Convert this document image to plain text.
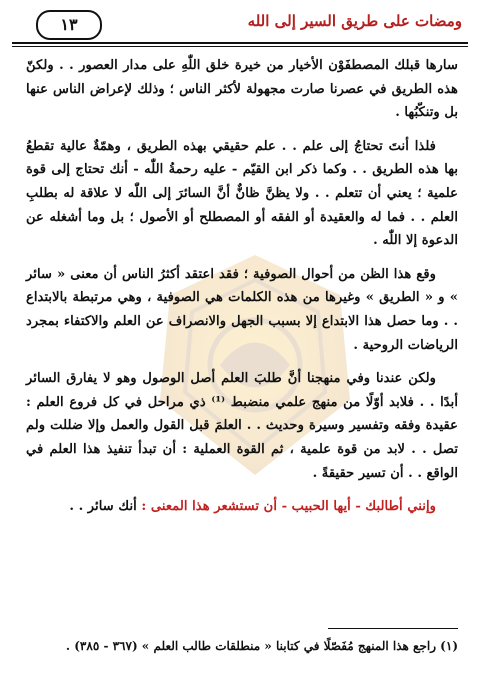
ومضات على طريق السير إلى الله
١٣

سارها قبلك المصطفَوْن الأخيار من خيرة خلق اللّٰهِ على مدار العصور . . ولكنّ هذه الطريق في عصرنا صارت مجهولة لأكثر الناس ؛ وذلك لإعراض الناس عنها بل وتنكّبُها .

فلذا أنتَ تحتاجُ إلى علم . . علم حقيقي بهذه الطريق ، وهمّةٌ عالية تقطعُ بها هذه الطريق . . وكما ذكر ابن القيّم - عليه رحمةُ اللّٰه - أنك تحتاج إلى قوة علمية ؛ يعني أن تتعلم . . ولا يظنَّ ظانٌّ أنَّ السائرَ إلى اللّٰه لا علاقة له بطلبِ العلم . . فما له والعقيدة أو الفقه أو المصطلح أو الأصول ؛ بل وما أشغله عن الدعوة إلا اللّٰه .

وقع هذا الظن من أحوال الصوفية ؛ فقد اعتقد أكثرُ الناس أن معنى « سائر » و « الطريق » وغيرها من هذه الكلمات هي الصوفية ، وهي مرتبطة بالابتداع . . وما حصل هذا الابتداع إلا بسبب الجهل والانصراف عن العلم والاكتفاء بمجرد الرياضات الروحية .

ولكن عندنا وفي منهجنا أنَّ طلبَ العلم أصل الوصول وهو لا يفارق السائر أبدًا . . فلابد أوّلًا من منهج علمي منضبط ⁽¹⁾ ذي مراحل في كل فروع العلم : عقيدة وفقه وتفسير وسيرة وحديث . . العلمَ قبل القول والعمل وإلا ضللت ولم تصل . . لابد من قوة علمية ، ثم القوة العملية : أن تبدأ تنفيذ هذا العلم في الواقع . . أن تسير حقيقةً .

وإنني أطالبك - أيها الحبيب - أن تستشعر هذا المعنى : أنك سائر . .

(١) راجع هذا المنهج مُفَصّلًا في كتابنا « منطلقات طالب العلم » (٣٦٧ - ٣٨٥) .
